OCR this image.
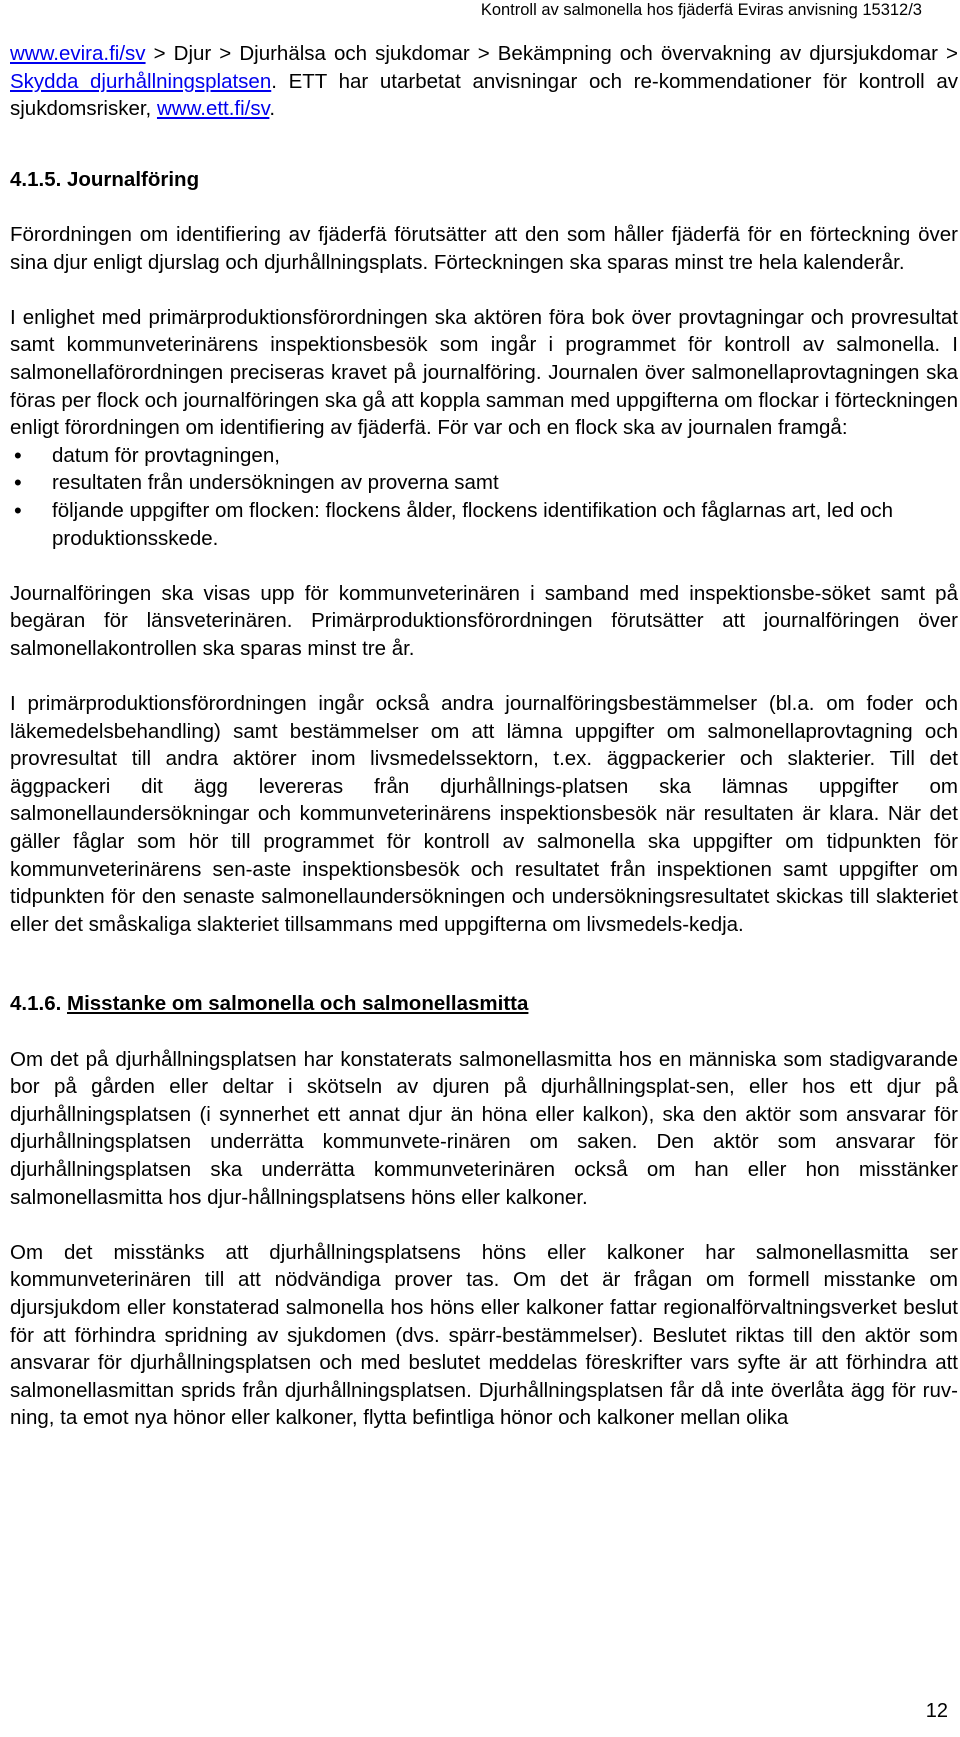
Kontroll av salmonella hos fjäderfä Eviras anvisning 15312/3

www.evira.fi/sv > Djur > Djurhälsa och sjukdomar > Bekämpning och övervakning av djursjukdomar > Skydda djurhållningsplatsen. ETT har utarbetat anvisningar och re-kommendationer för kontroll av sjukdomsrisker, www.ett.fi/sv.

4.1.5. Journalföring

Förordningen om identifiering av fjäderfä förutsätter att den som håller fjäderfä för en förteckning över sina djur enligt djurslag och djurhållningsplats. Förteckningen ska sparas minst tre hela kalenderår.

I enlighet med primärproduktionsförordningen ska aktören föra bok över provtagningar och provresultat samt kommunveterinärens inspektionsbesök som ingår i programmet för kontroll av salmonella. I salmonellaförordningen preciseras kravet på journalföring. Journalen över salmonellaprovtagningen ska föras per flock och journalföringen ska gå att koppla samman med uppgifterna om flockar i förteckningen enligt förordningen om identifiering av fjäderfä. För var och en flock ska av journalen framgå:

• datum för provtagningen,
• resultaten från undersökningen av proverna samt
• följande uppgifter om flocken: flockens ålder, flockens identifikation och fåglarnas art, led och produktionsskede.

Journalföringen ska visas upp för kommunveterinären i samband med inspektionsbe-söket samt på begäran för länsveterinären. Primärproduktionsförordningen förutsätter att journalföringen över salmonellakontrollen ska sparas minst tre år.

I primärproduktionsförordningen ingår också andra journalföringsbestämmelser (bl.a. om foder och läkemedelsbehandling) samt bestämmelser om att lämna uppgifter om salmonellaprovtagning och provresultat till andra aktörer inom livsmedelssektorn, t.ex. äggpackerier och slakterier. Till det äggpackeri dit ägg levereras från djurhållnings-platsen ska lämnas uppgifter om salmonellaundersökningar och kommunveterinärens inspektionsbesök när resultaten är klara. När det gäller fåglar som hör till programmet för kontroll av salmonella ska uppgifter om tidpunkten för kommunveterinärens sen-aste inspektionsbesök och resultatet från inspektionen samt uppgifter om tidpunkten för den senaste salmonellaundersökningen och undersökningsresultatet skickas till slakteriet eller det småskaliga slakteriet tillsammans med uppgifterna om livsmedels-kedja.

4.1.6. Misstanke om salmonella och salmonellasmitta

Om det på djurhållningsplatsen har konstaterats salmonellasmitta hos en människa som stadigvarande bor på gården eller deltar i skötseln av djuren på djurhållningsplat-sen, eller hos ett djur på djurhållningsplatsen (i synnerhet ett annat djur än höna eller kalkon), ska den aktör som ansvarar för djurhållningsplatsen underrätta kommunvete-rinären om saken. Den aktör som ansvarar för djurhållningsplatsen ska underrätta kommunveterinären också om han eller hon misstänker salmonellasmitta hos djur-hållningsplatsens höns eller kalkoner.

Om det misstänks att djurhållningsplatsens höns eller kalkoner har salmonellasmitta ser kommunveterinären till att nödvändiga prover tas. Om det är frågan om formell misstanke om djursjukdom eller konstaterad salmonella hos höns eller kalkoner fattar regionalförvaltningsverket beslut för att förhindra spridning av sjukdomen (dvs. spärr-bestämmelser). Beslutet riktas till den aktör som ansvarar för djurhållningsplatsen och med beslutet meddelas föreskrifter vars syfte är att förhindra att salmonellasmittan sprids från djurhållningsplatsen. Djurhållningsplatsen får då inte överlåta ägg för ruv-ning, ta emot nya hönor eller kalkoner, flytta befintliga hönor och kalkoner mellan olika

12
